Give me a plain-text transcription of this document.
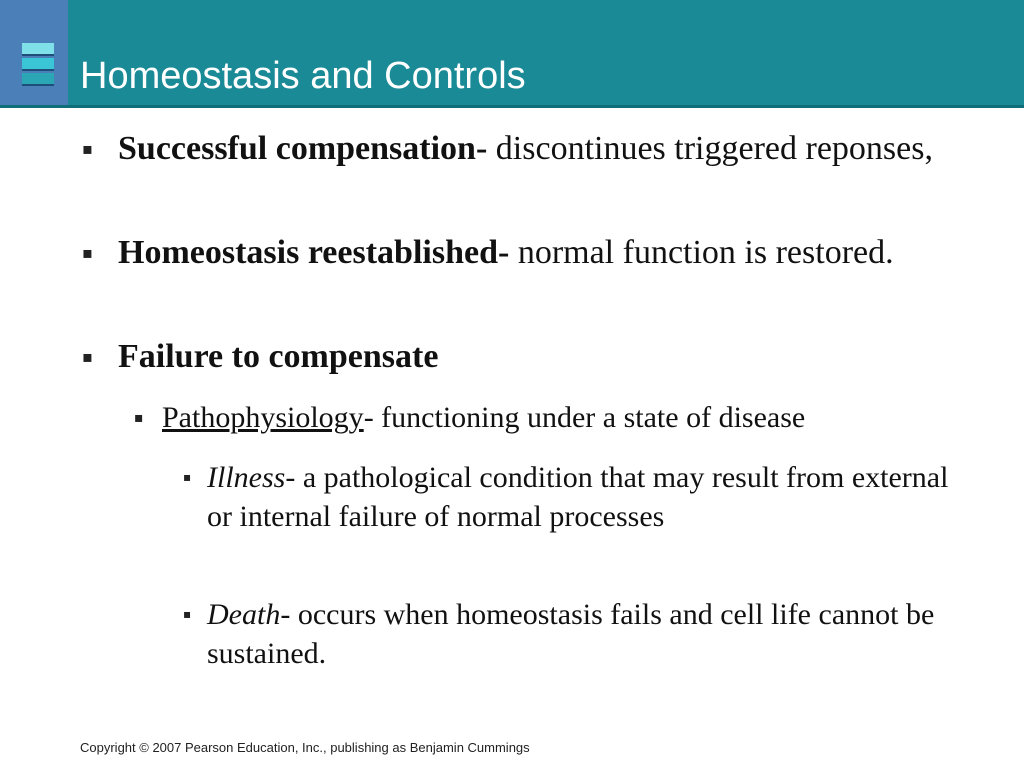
Homeostasis and Controls
▪ Successful compensation- discontinues triggered reponses,
▪ Homeostasis reestablished- normal function is restored.
▪ Failure to compensate
▪ Pathophysiology- functioning under a state of disease
▪ Illness- a pathological condition that may result from external or internal failure of normal processes
▪ Death- occurs when homeostasis fails and cell life cannot be sustained.

Copyright © 2007 Pearson Education, Inc., publishing as Benjamin Cummings
